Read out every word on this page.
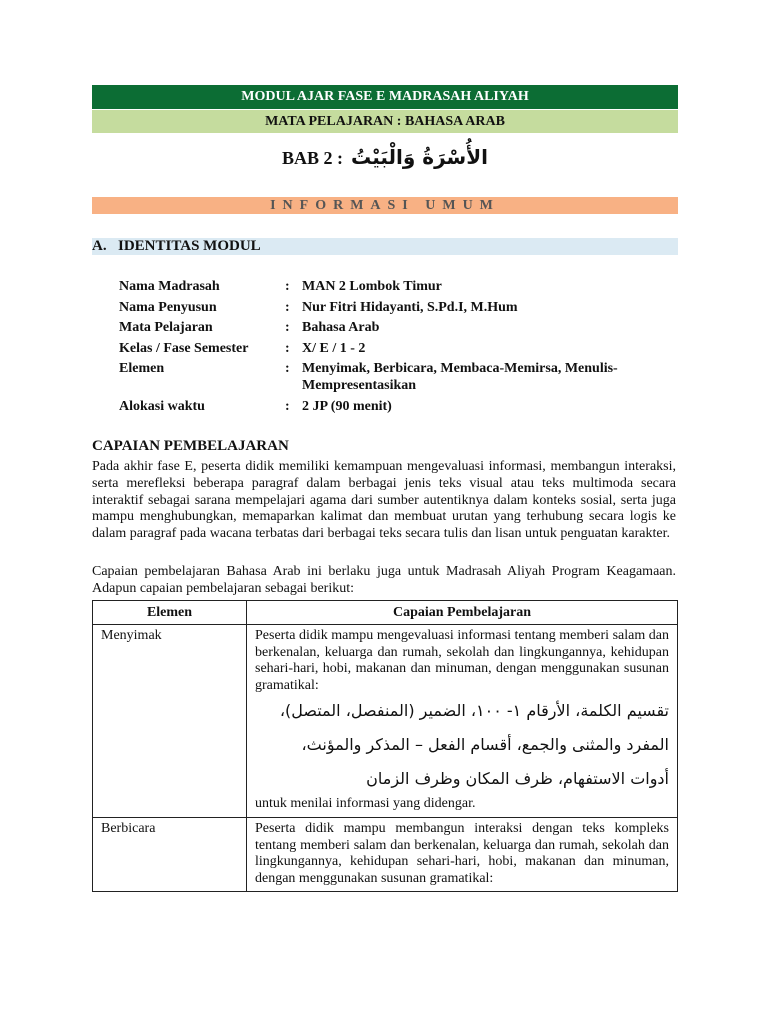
MODUL AJAR FASE E MADRASAH ALIYAH
MATA PELAJARAN : BAHASA ARAB
BAB 2 : الأُسْرَةُ وَالْبَيْتُ
INFORMASI UMUM
A. IDENTITAS MODUL
Nama Madrasah	: MAN 2 Lombok Timur
Nama Penyusun	: Nur Fitri Hidayanti, S.Pd.I, M.Hum
Mata Pelajaran	: Bahasa Arab
Kelas / Fase Semester	: X/ E / 1 - 2
Elemen	: Menyimak, Berbicara, Membaca-Memirsa, Menulis-Mempresentasikan
Alokasi waktu	: 2 JP (90 menit)
CAPAIAN PEMBELAJARAN

Pada akhir fase E, peserta didik memiliki kemampuan mengevaluasi informasi, membangun interaksi, serta merefleksi beberapa paragraf dalam berbagai jenis teks visual atau teks multimoda secara interaktif sebagai sarana mempelajari agama dari sumber autentiknya dalam konteks sosial, serta juga mampu menghubungkan, memaparkan kalimat dan membuat urutan yang terhubung secara logis ke dalam paragraf pada wacana terbatas dari berbagai teks secara tulis dan lisan untuk penguatan karakter.

Capaian pembelajaran Bahasa Arab ini berlaku juga untuk Madrasah Aliyah Program Keagamaan. Adapun capaian pembelajaran sebagai berikut:

Elemen	Capaian Pembelajaran
Menyimak	Peserta didik mampu mengevaluasi informasi tentang memberi salam dan berkenalan, keluarga dan rumah, sekolah dan lingkungannya, kehidupan sehari-hari, hobi, makanan dan minuman, dengan menggunakan susunan gramatikal:

تقسيم الكلمة، الأرقام ١- ١٠٠، الضمير (المنفصل، المتصل)،

المفرد والمثنى والجمع، أقسام الفعل – المذكر والمؤنث،

أدوات الاستفهام، ظرف المكان وظرف الزمان

untuk menilai informasi yang didengar.

Berbicara	Peserta didik mampu membangun interaksi dengan teks kompleks tentang memberi salam dan berkenalan, keluarga dan rumah, sekolah dan lingkungannya, kehidupan sehari-hari, hobi, makanan dan minuman, dengan menggunakan susunan gramatikal:
